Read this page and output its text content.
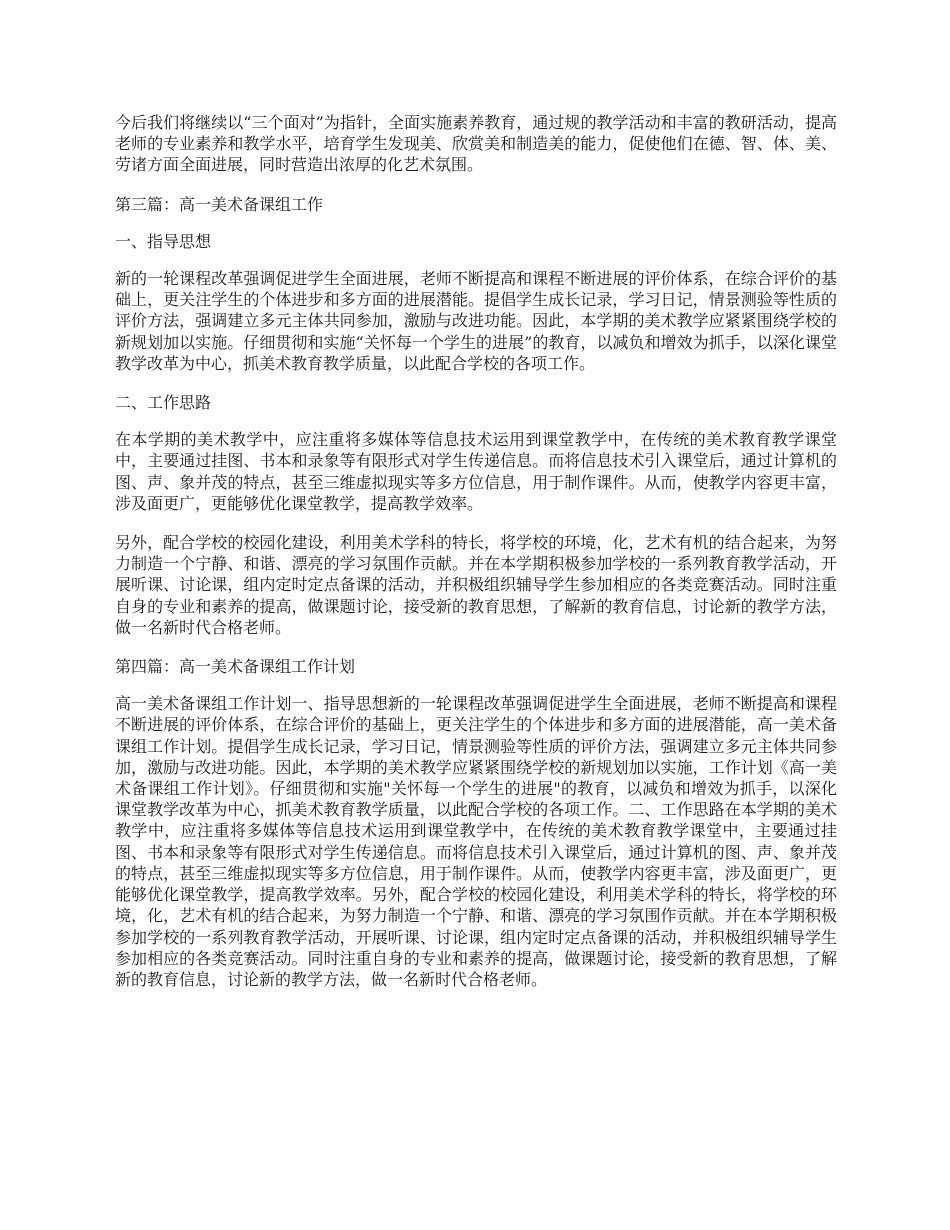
今后我们将继续以“三个面对”为指针，全面实施素养教育，通过规的教学活动和丰富的教研活动，提高老师的专业素养和教学水平，培育学生发现美、欣赏美和制造美的能力，促使他们在德、智、体、美、劳诸方面全面进展，同时营造出浓厚的化艺术氛围。

第三篇：高一美术备课组工作

一、指导思想

新的一轮课程改革强调促进学生全面进展，老师不断提高和课程不断进展的评价体系，在综合评价的基础上，更关注学生的个体进步和多方面的进展潜能。提倡学生成长记录，学习日记，情景测验等性质的评价方法，强调建立多元主体共同参加，激励与改进功能。因此，本学期的美术教学应紧紧围绕学校的新规划加以实施。仔细贯彻和实施“关怀每一个学生的进展”的教育，以减负和增效为抓手，以深化课堂教学改革为中心，抓美术教育教学质量，以此配合学校的各项工作。

二、工作思路

在本学期的美术教学中，应注重将多媒体等信息技术运用到课堂教学中，在传统的美术教育教学课堂中，主要通过挂图、书本和录象等有限形式对学生传递信息。而将信息技术引入课堂后，通过计算机的图、声、象并茂的特点，甚至三维虚拟现实等多方位信息，用于制作课件。从而，使教学内容更丰富，涉及面更广，更能够优化课堂教学，提高教学效率。

另外，配合学校的校园化建设，利用美术学科的特长，将学校的环境，化，艺术有机的结合起来，为努力制造一个宁静、和谐、漂亮的学习氛围作贡献。并在本学期积极参加学校的一系列教育教学活动，开展听课、讨论课，组内定时定点备课的活动，并积极组织辅导学生参加相应的各类竞赛活动。同时注重自身的专业和素养的提高，做课题讨论，接受新的教育思想，了解新的教育信息，讨论新的教学方法，做一名新时代合格老师。

第四篇：高一美术备课组工作计划

高一美术备课组工作计划一、指导思想新的一轮课程改革强调促进学生全面进展，老师不断提高和课程不断进展的评价体系，在综合评价的基础上，更关注学生的个体进步和多方面的进展潜能，高一美术备课组工作计划。提倡学生成长记录，学习日记，情景测验等性质的评价方法，强调建立多元主体共同参加，激励与改进功能。因此，本学期的美术教学应紧紧围绕学校的新规划加以实施，工作计划《高一美术备课组工作计划》。仔细贯彻和实施"关怀每一个学生的进展"的教育，以减负和增效为抓手，以深化课堂教学改革为中心，抓美术教育教学质量，以此配合学校的各项工作。二、工作思路在本学期的美术教学中，应注重将多媒体等信息技术运用到课堂教学中，在传统的美术教育教学课堂中，主要通过挂图、书本和录象等有限形式对学生传递信息。而将信息技术引入课堂后，通过计算机的图、声、象并茂的特点，甚至三维虚拟现实等多方位信息，用于制作课件。从而，使教学内容更丰富，涉及面更广，更能够优化课堂教学，提高教学效率。另外，配合学校的校园化建设，利用美术学科的特长，将学校的环境，化，艺术有机的结合起来，为努力制造一个宁静、和谐、漂亮的学习氛围作贡献。并在本学期积极参加学校的一系列教育教学活动，开展听课、讨论课，组内定时定点备课的活动，并积极组织辅导学生参加相应的各类竞赛活动。同时注重自身的专业和素养的提高，做课题讨论，接受新的教育思想，了解新的教育信息，讨论新的教学方法，做一名新时代合格老师。
